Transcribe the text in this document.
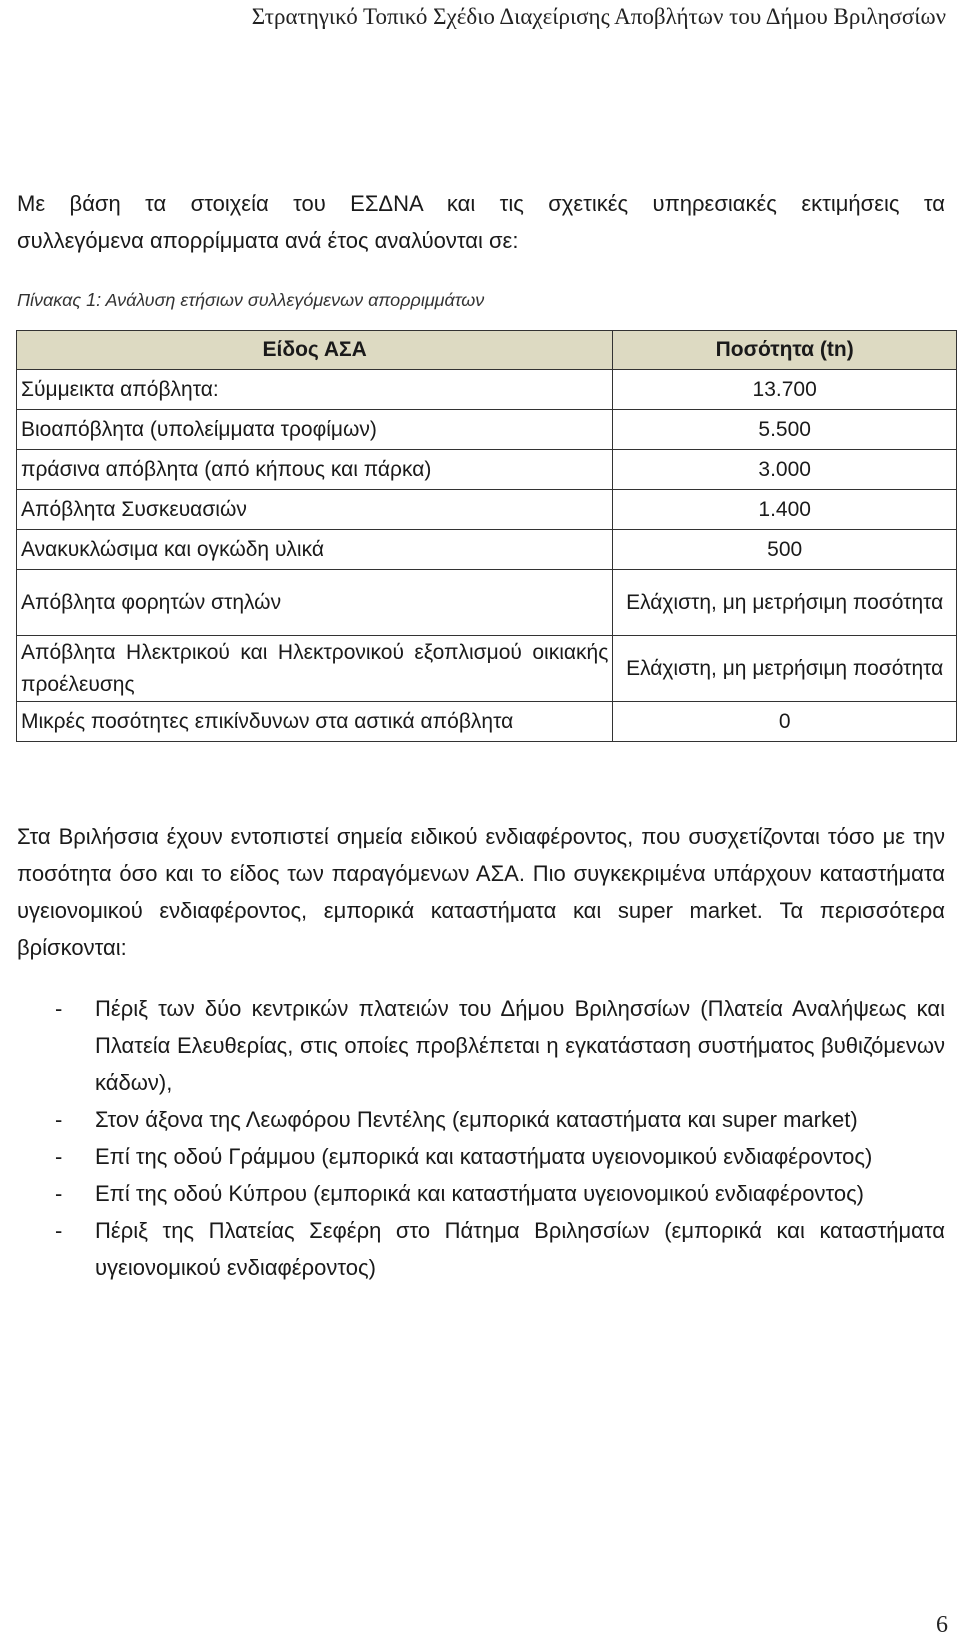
Στρατηγικό Τοπικό Σχέδιο Διαχείρισης Αποβλήτων του Δήμου Βριλησσίων
Με βάση τα στοιχεία του ΕΣΔΝΑ και τις σχετικές υπηρεσιακές εκτιμήσεις τα
συλλεγόμενα απορρίμματα ανά έτος αναλύονται σε:
Πίνακας 1: Ανάλυση ετήσιων συλλεγόμενων απορριμμάτων
Είδος ΑΣΑ	Ποσότητα (tn)
Σύμμεικτα απόβλητα:	13.700
Βιοαπόβλητα (υπολείμματα τροφίμων)	5.500
πράσινα απόβλητα (από κήπους και πάρκα)	3.000
Απόβλητα Συσκευασιών	1.400
Ανακυκλώσιμα και ογκώδη υλικά	500
Απόβλητα φορητών στηλών	Ελάχιστη, μη μετρήσιμη ποσότητα
Απόβλητα Ηλεκτρικού και Ηλεκτρονικού εξοπλισμού οικιακής προέλευσης	Ελάχιστη, μη μετρήσιμη ποσότητα
Μικρές ποσότητες επικίνδυνων στα αστικά απόβλητα	0

Στα Βριλήσσια έχουν εντοπιστεί σημεία ειδικού ενδιαφέροντος, που συσχετίζονται τόσο με την ποσότητα όσο και το είδος των παραγόμενων ΑΣΑ. Πιο συγκεκριμένα υπάρχουν καταστήματα υγειονομικού ενδιαφέροντος, εμπορικά καταστήματα και super market. Τα περισσότερα βρίσκονται:

- Πέριξ των δύο κεντρικών πλατειών του Δήμου Βριλησσίων (Πλατεία Αναλήψεως και Πλατεία Ελευθερίας, στις οποίες προβλέπεται η εγκατάσταση συστήματος βυθιζόμενων κάδων),
- Στον άξονα της Λεωφόρου Πεντέλης (εμπορικά καταστήματα και super market)
- Επί της οδού Γράμμου (εμπορικά και καταστήματα υγειονομικού ενδιαφέροντος)
- Επί της οδού Κύπρου (εμπορικά και καταστήματα υγειονομικού ενδιαφέροντος)
- Πέριξ της Πλατείας Σεφέρη στο Πάτημα Βριλησσίων (εμπορικά και καταστήματα υγειονομικού ενδιαφέροντος)
6
